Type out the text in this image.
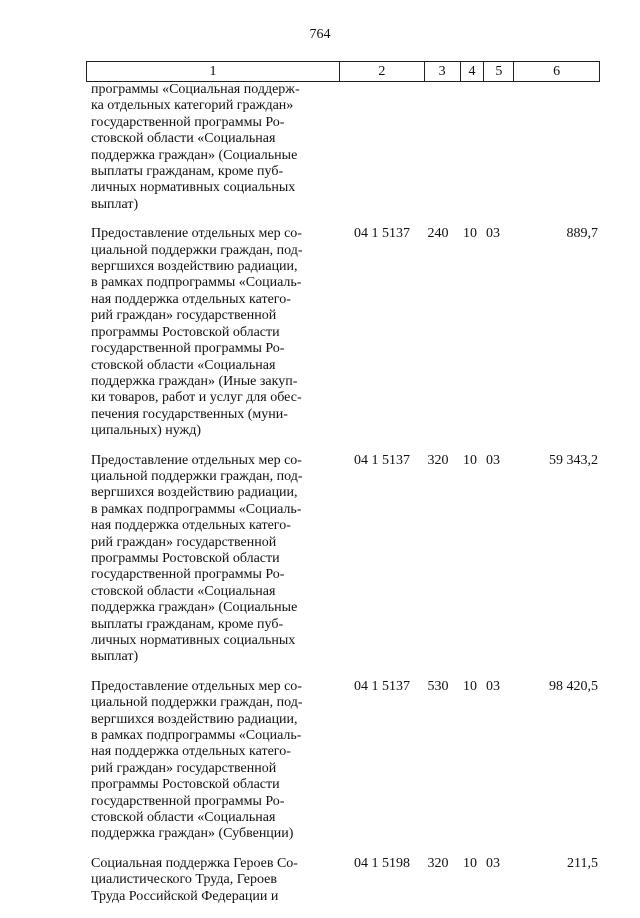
764
1	2	3	4	5	6
программы «Социальная поддерж-
ка отдельных категорий граждан»
государственной программы Ро-
стовской области «Социальная
поддержка граждан» (Социальные
выплаты гражданам, кроме пуб-
личных нормативных социальных
выплат)
Предоставление отдельных мер со-
циальной поддержки граждан, под-
вергшихся воздействию радиации,
в рамках подпрограммы «Социаль-
ная поддержка отдельных катего-
рий граждан» государственной
программы Ростовской области
государственной программы Ро-
стовской области «Социальная
поддержка граждан» (Иные закуп-
ки товаров, работ и услуг для обес-
печения государственных (муни-
ципальных) нужд)
04 1 5137	240	10 03	889,7
Предоставление отдельных мер со-
циальной поддержки граждан, под-
вергшихся воздействию радиации,
в рамках подпрограммы «Социаль-
ная поддержка отдельных катего-
рий граждан» государственной
программы Ростовской области
государственной программы Ро-
стовской области «Социальная
поддержка граждан» (Социальные
выплаты гражданам, кроме пуб-
личных нормативных социальных
выплат)
04 1 5137	320	10 03	59 343,2
Предоставление отдельных мер со-
циальной поддержки граждан, под-
вергшихся воздействию радиации,
в рамках подпрограммы «Социаль-
ная поддержка отдельных катего-
рий граждан» государственной
программы Ростовской области
государственной программы Ро-
стовской области «Социальная
поддержка граждан» (Субвенции)
04 1 5137	530	10 03	98 420,5
Социальная поддержка Героев Со-
циалистического Труда, Героев
Труда Российской Федерации и
04 1 5198	320	10 03	211,5
